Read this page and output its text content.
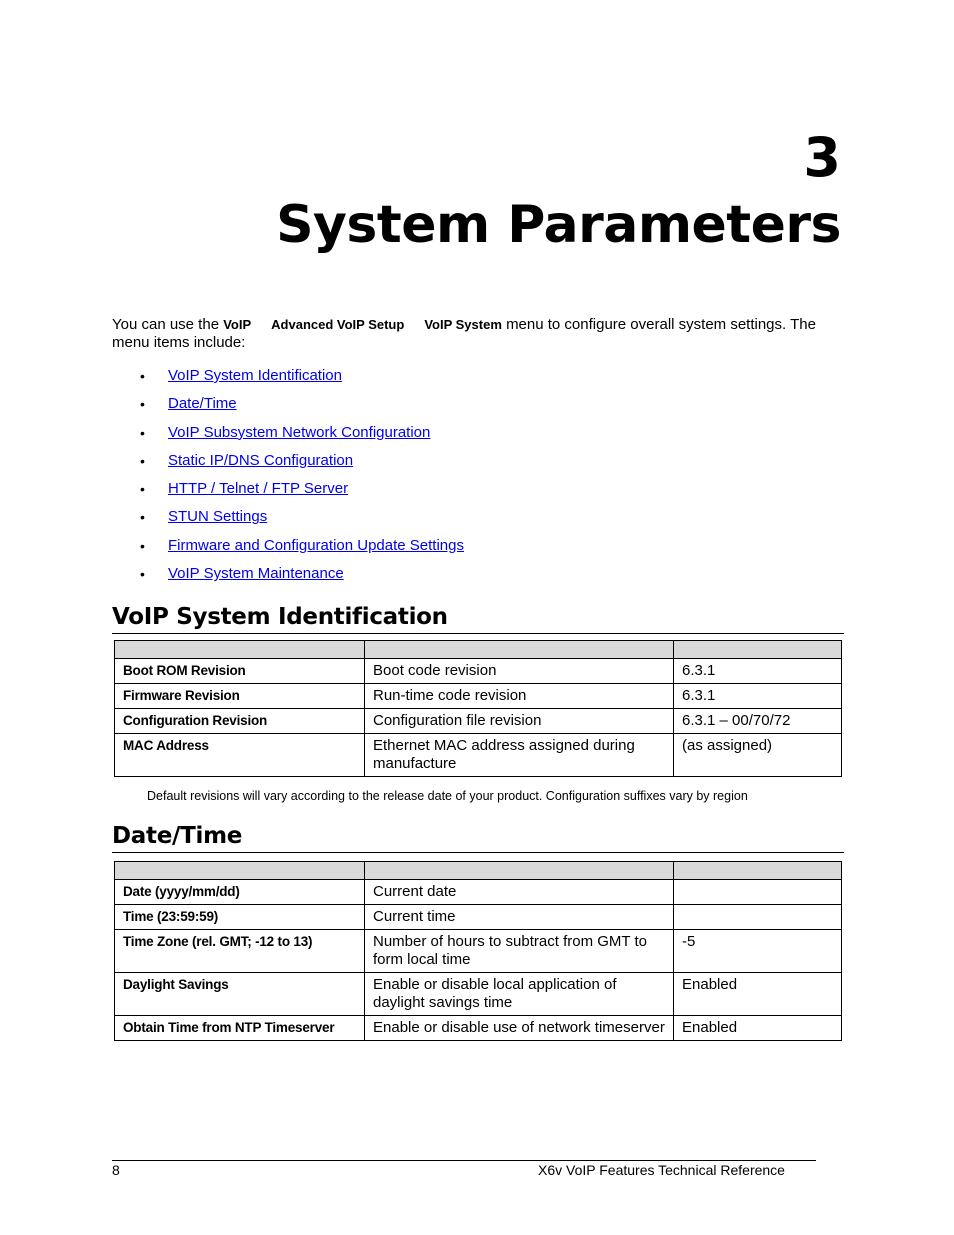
3
System Parameters
You can use the VoIP Advanced VoIP Setup VoIP System menu to configure overall system settings. The menu items include:
• VoIP System Identification
• Date/Time
• VoIP Subsystem Network Configuration
• Static IP/DNS Configuration
• HTTP / Telnet / FTP Server
• STUN Settings
• Firmware and Configuration Update Settings
• VoIP System Maintenance
VoIP System Identification

Boot ROM Revision	Boot code revision	6.3.1
Firmware Revision	Run-time code revision	6.3.1
Configuration Revision	Configuration file revision	6.3.1 – 00/70/72
MAC Address	Ethernet MAC address assigned during manufacture	(as assigned)
Default revisions will vary according to the release date of your product. Configuration suffixes vary by region
Date/Time

Date (yyyy/mm/dd)	Current date	
Time (23:59:59)	Current time	
Time Zone (rel. GMT; -12 to 13)	Number of hours to subtract from GMT to form local time	-5
Daylight Savings	Enable or disable local application of daylight savings time	Enabled
Obtain Time from NTP Timeserver	Enable or disable use of network timeserver	Enabled
8	X6v VoIP Features Technical Reference
